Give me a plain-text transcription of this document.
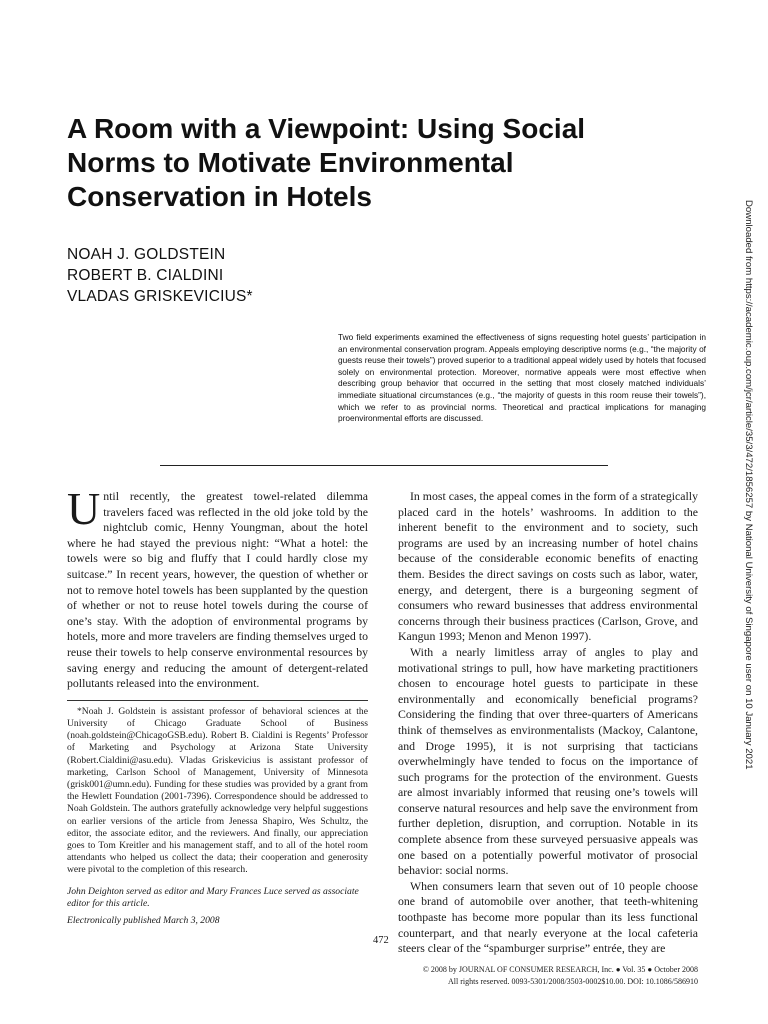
A Room with a Viewpoint: Using Social Norms to Motivate Environmental Conservation in Hotels
NOAH J. GOLDSTEIN
ROBERT B. CIALDINI
VLADAS GRISKEVICIUS*

Two field experiments examined the effectiveness of signs requesting hotel guests’ participation in an environmental conservation program. Appeals employing descriptive norms (e.g., “the majority of guests reuse their towels”) proved superior to a traditional appeal widely used by hotels that focused solely on environmental protection. Moreover, normative appeals were most effective when describing group behavior that occurred in the setting that most closely matched individuals’ immediate situational circumstances (e.g., “the majority of guests in this room reuse their towels”), which we refer to as provincial norms. Theoretical and practical implications for managing proenvironmental efforts are discussed.

Until recently, the greatest towel-related dilemma travelers faced was reflected in the old joke told by the nightclub comic, Henny Youngman, about the hotel where he had stayed the previous night: “What a hotel: the towels were so big and fluffy that I could hardly close my suitcase.” In recent years, however, the question of whether or not to remove hotel towels has been supplanted by the question of whether or not to reuse hotel towels during the course of one’s stay. With the adoption of environmental programs by hotels, more and more travelers are finding themselves urged to reuse their towels to help conserve environmental resources by saving energy and reducing the amount of detergent-related pollutants released into the environment.

*Noah J. Goldstein is assistant professor of behavioral sciences at the University of Chicago Graduate School of Business (noah.goldstein@ChicagoGSB.edu). Robert B. Cialdini is Regents’ Professor of Marketing and Psychology at Arizona State University (Robert.Cialdini@asu.edu). Vladas Griskevicius is assistant professor of marketing, Carlson School of Management, University of Minnesota (grisk001@umn.edu). Funding for these studies was provided by a grant from the Hewlett Foundation (2001-7396). Correspondence should be addressed to Noah Goldstein. The authors gratefully acknowledge very helpful suggestions on earlier versions of the article from Jenessa Shapiro, Wes Schultz, the editor, the associate editor, and the reviewers. And finally, our appreciation goes to Tom Kreitler and his management staff, and to all of the hotel room attendants who helped us collect the data; their cooperation and generosity were pivotal to the completion of this research.

John Deighton served as editor and Mary Frances Luce served as associate editor for this article.

Electronically published March 3, 2008

In most cases, the appeal comes in the form of a strategically placed card in the hotels’ washrooms. In addition to the inherent benefit to the environment and to society, such programs are used by an increasing number of hotel chains because of the considerable economic benefits of enacting them. Besides the direct savings on costs such as labor, water, energy, and detergent, there is a burgeoning segment of consumers who reward businesses that address environmental concerns through their business practices (Carlson, Grove, and Kangun 1993; Menon and Menon 1997).

With a nearly limitless array of angles to play and motivational strings to pull, how have marketing practitioners chosen to encourage hotel guests to participate in these environmentally and economically beneficial programs? Considering the finding that over three-quarters of Americans think of themselves as environmentalists (Mackoy, Calantone, and Droge 1995), it is not surprising that tacticians overwhelmingly have tended to focus on the importance of such programs for the protection of the environment. Guests are almost invariably informed that reusing one’s towels will conserve natural resources and help save the environment from further depletion, disruption, and corruption. Notable in its complete absence from these surveyed persuasive appeals was one based on a potentially powerful motivator of prosocial behavior: social norms.

When consumers learn that seven out of 10 people choose one brand of automobile over another, that teeth-whitening toothpaste has become more popular than its less functional counterpart, and that nearly everyone at the local cafeteria steers clear of the “spamburger surprise” entrée, they are

472

© 2008 by JOURNAL OF CONSUMER RESEARCH, Inc. ● Vol. 35 ● October 2008
All rights reserved. 0093-5301/2008/3503-0002$10.00. DOI: 10.1086/586910
Downloaded from https://academic.oup.com/jcr/article/35/3/472/1856257 by National University of Singapore user on 10 January 2021
